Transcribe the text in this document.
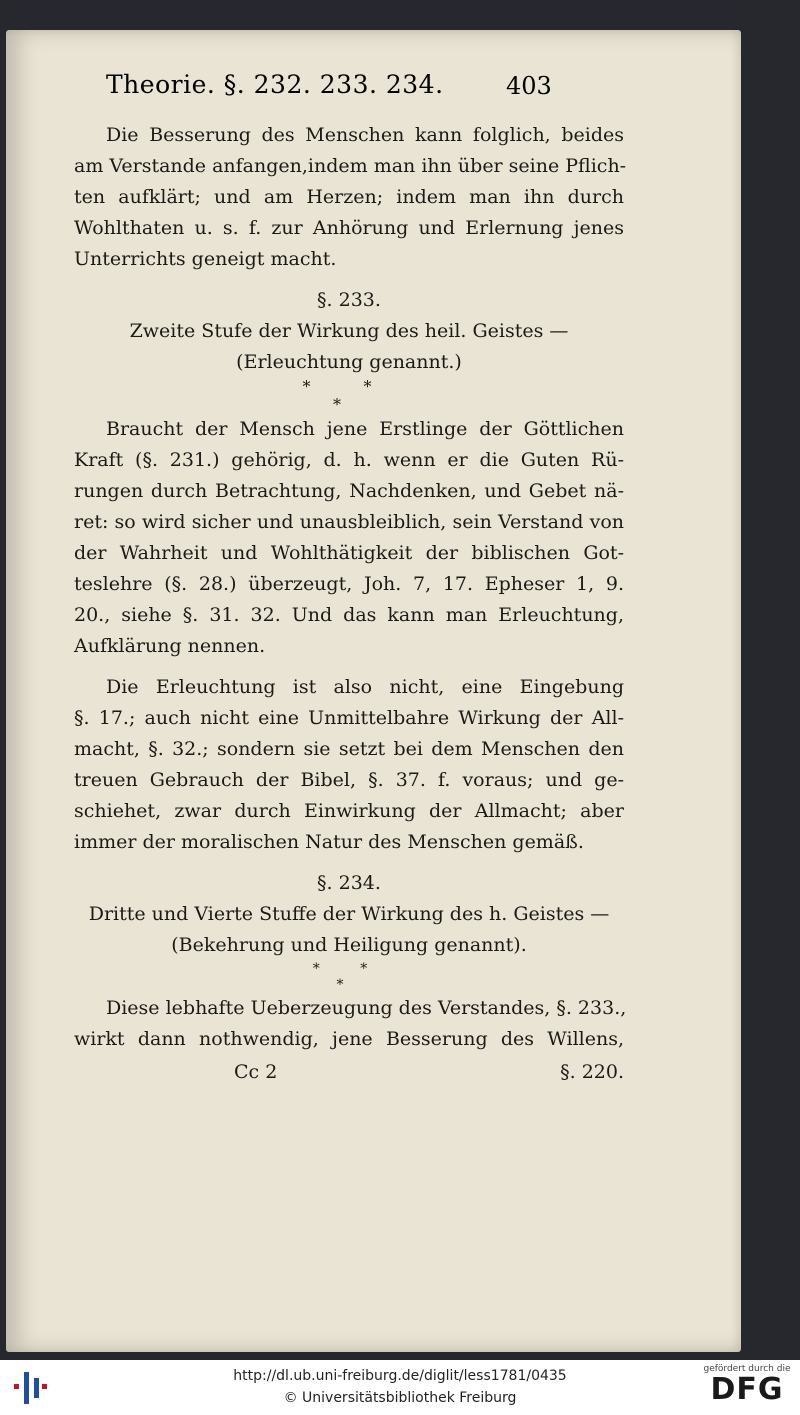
Theorie. §. 232. 233. 234.	403
Die Besserung des Menschen kann folglich, beides
am Verstande anfangen,indem man ihn über seine Pflich-
ten aufklärt; und am Herzen; indem man ihn durch
Wohlthaten u. s. f. zur Anhörung und Erlernung jenes
Unterrichts geneigt macht.
§. 233.
Zweite Stufe der Wirkung des heil. Geistes —
(Erleuchtung genannt.)
* *
*
Braucht der Mensch jene Erstlinge der Göttlichen
Kraft (§. 231.) gehörig, d. h. wenn er die Guten Rü-
rungen durch Betrachtung, Nachdenken, und Gebet nä-
ret: so wird sicher und unausbleiblich, sein Verstand von
der Wahrheit und Wohlthätigkeit der biblischen Got-
teslehre (§. 28.) überzeugt, Joh. 7, 17. Epheser 1, 9.
20., siehe §. 31. 32. Und das kann man Erleuchtung,
Aufklärung nennen.
Die Erleuchtung ist also nicht, eine Eingebung
§. 17.; auch nicht eine Unmittelbahre Wirkung der All-
macht, §. 32.; sondern sie setzt bei dem Menschen den
treuen Gebrauch der Bibel, §. 37. f. voraus; und ge-
schiehet, zwar durch Einwirkung der Allmacht; aber
immer der moralischen Natur des Menschen gemäß.
§. 234.
Dritte und Vierte Stuffe der Wirkung des h. Geistes —
(Bekehrung und Heiligung genannt).
* *
*
Diese lebhafte Ueberzeugung des Verstandes, §. 233.,
wirkt dann nothwendig, jene Besserung des Willens,
Cc 2	§. 220.
http://dl.ub.uni-freiburg.de/diglit/less1781/0435
© Universitätsbibliothek Freiburg
gefördert durch die
DFG
